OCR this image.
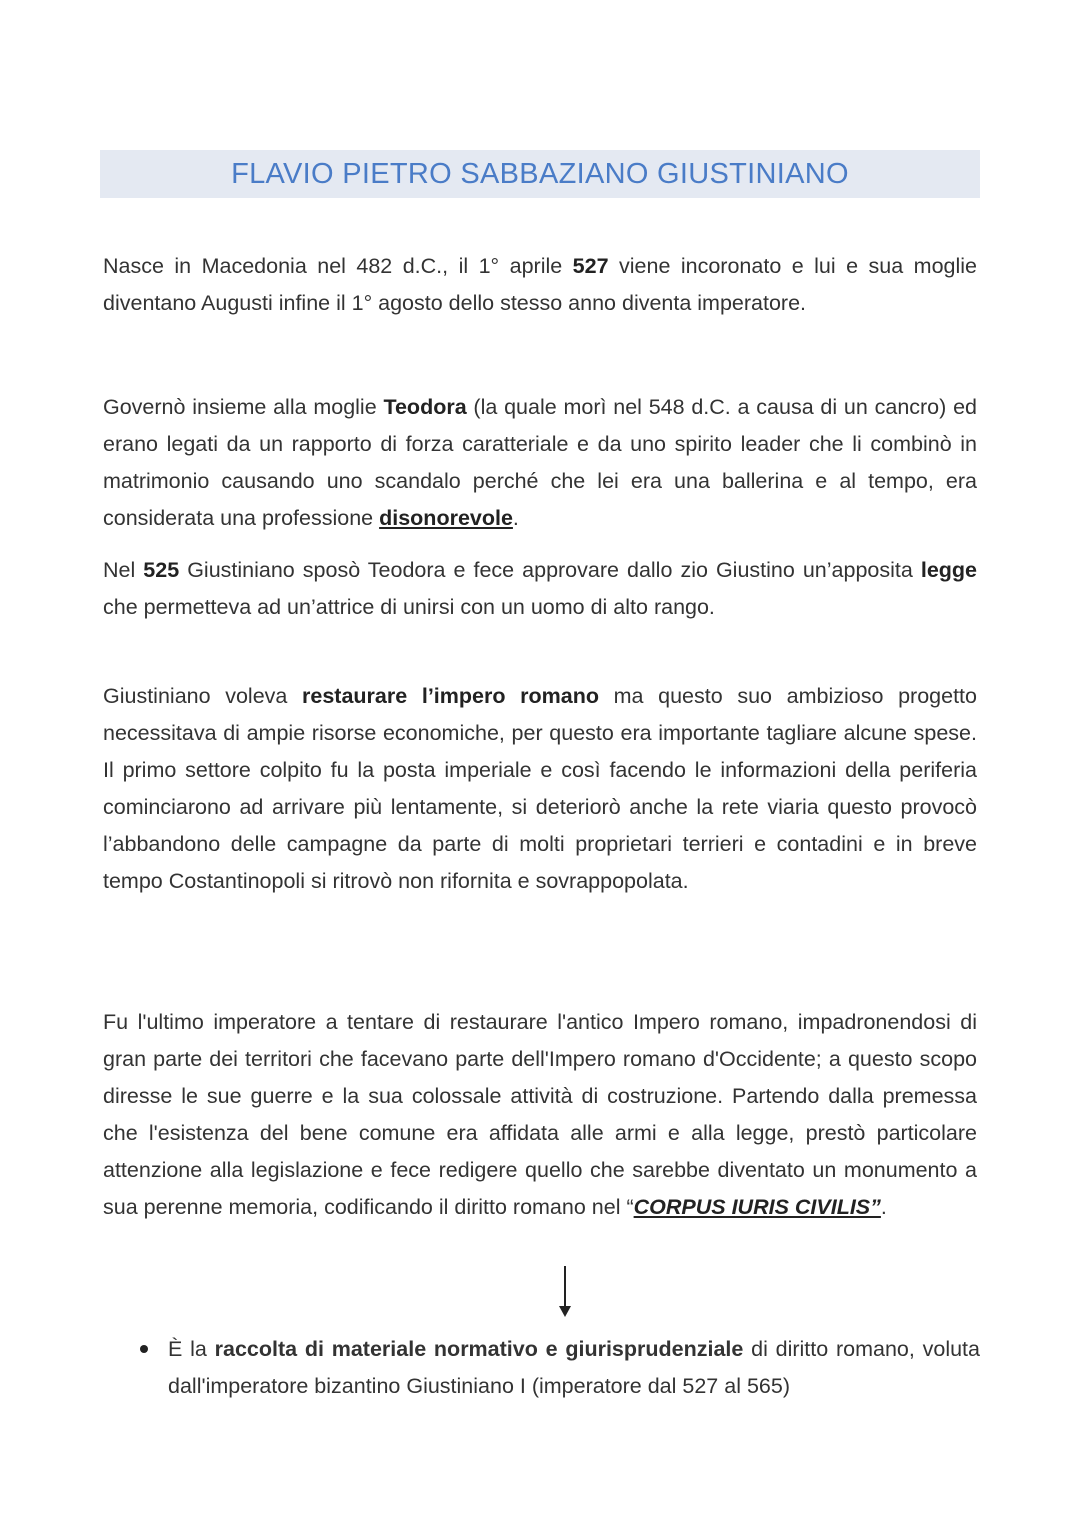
FLAVIO PIETRO SABBAZIANO GIUSTINIANO

Nasce in Macedonia nel 482 d.C., il 1° aprile 527 viene incoronato e lui e sua moglie diventano Augusti infine il 1° agosto dello stesso anno diventa imperatore.

Governò insieme alla moglie Teodora (la quale morì nel 548 d.C. a causa di un cancro) ed erano legati da un rapporto di forza caratteriale e da uno spirito leader che li combinò in matrimonio causando uno scandalo perché che lei era una ballerina e al tempo, era considerata una professione disonorevole.

Nel 525 Giustiniano sposò Teodora e fece approvare dallo zio Giustino un’apposita legge che permetteva ad un’attrice di unirsi con un uomo di alto rango.

Giustiniano voleva restaurare l’impero romano ma questo suo ambizioso progetto necessitava di ampie risorse economiche, per questo era importante tagliare alcune spese. Il primo settore colpito fu la posta imperiale e così facendo le informazioni della periferia cominciarono ad arrivare più lentamente, si deteriorò anche la rete viaria questo provocò l’abbandono delle campagne da parte di molti proprietari terrieri e contadini e in breve tempo Costantinopoli si ritrovò non rifornita e sovrappopolata.

Fu l'ultimo imperatore a tentare di restaurare l'antico Impero romano, impadronendosi di gran parte dei territori che facevano parte dell'Impero romano d'Occidente; a questo scopo diresse le sue guerre e la sua colossale attività di costruzione. Partendo dalla premessa che l'esistenza del bene comune era affidata alle armi e alla legge, prestò particolare attenzione alla legislazione e fece redigere quello che sarebbe diventato un monumento a sua perenne memoria, codificando il diritto romano nel “CORPUS IURIS CIVILIS”.

È la raccolta di materiale normativo e giurisprudenziale di diritto romano, voluta dall'imperatore bizantino Giustiniano I (imperatore dal 527 al 565)
